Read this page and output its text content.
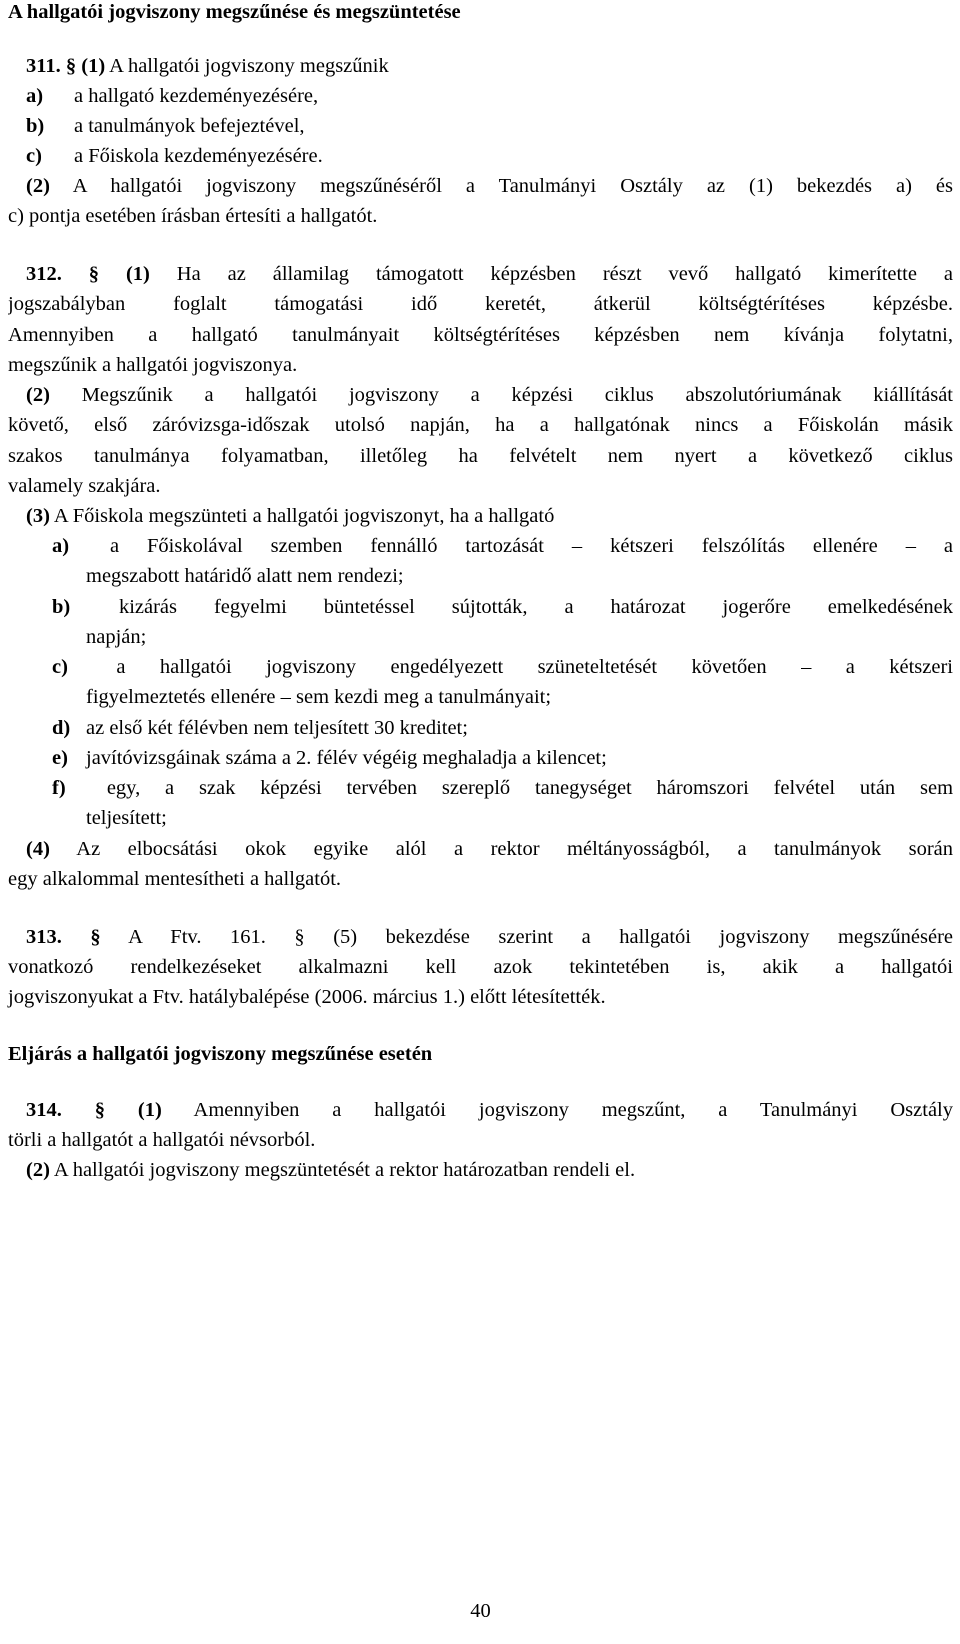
A hallgatói jogviszony megszűnése és megszüntetése
311. § (1) A hallgatói jogviszony megszűnik
a) a hallgató kezdeményezésére,
b) a tanulmányok befejeztével,
c) a Főiskola kezdeményezésére.
(2) A hallgatói jogviszony megszűnéséről a Tanulmányi Osztály az (1) bekezdés a) és
c) pontja esetében írásban értesíti a hallgatót.
312. § (1) Ha az államilag támogatott képzésben részt vevő hallgató kimerítette a
jogszabályban foglalt támogatási idő keretét, átkerül költségtérítéses képzésbe.
Amennyiben a hallgató tanulmányait költségtérítéses képzésben nem kívánja folytatni,
megszűnik a hallgatói jogviszonya.
(2) Megszűnik a hallgatói jogviszony a képzési ciklus abszolutóriumának kiállítását
követő, első záróvizsga-időszak utolsó napján, ha a hallgatónak nincs a Főiskolán másik
szakos tanulmánya folyamatban, illetőleg ha felvételt nem nyert a következő ciklus
valamely szakjára.
(3) A Főiskola megszünteti a hallgatói jogviszonyt, ha a hallgató
a) a Főiskolával szemben fennálló tartozását – kétszeri felszólítás ellenére – a
megszabott határidő alatt nem rendezi;
b) kizárás fegyelmi büntetéssel sújtották, a határozat jogerőre emelkedésének
napján;
c) a hallgatói jogviszony engedélyezett szüneteltetését követően – a kétszeri
figyelmeztetés ellenére – sem kezdi meg a tanulmányait;
d) az első két félévben nem teljesített 30 kreditet;
e) javítóvizsgáinak száma a 2. félév végéig meghaladja a kilencet;
f) egy, a szak képzési tervében szereplő tanegységet háromszori felvétel után sem
teljesített;
(4) Az elbocsátási okok egyike alól a rektor méltányosságból, a tanulmányok során
egy alkalommal mentesítheti a hallgatót.
313. § A Ftv. 161. § (5) bekezdése szerint a hallgatói jogviszony megszűnésére
vonatkozó rendelkezéseket alkalmazni kell azok tekintetében is, akik a hallgatói
jogviszonyukat a Ftv. hatálybalépése (2006. március 1.) előtt létesítették.
Eljárás a hallgatói jogviszony megszűnése esetén
314. § (1) Amennyiben a hallgatói jogviszony megszűnt, a Tanulmányi Osztály
törli a hallgatót a hallgatói névsorból.
(2) A hallgatói jogviszony megszüntetését a rektor határozatban rendeli el.
40
